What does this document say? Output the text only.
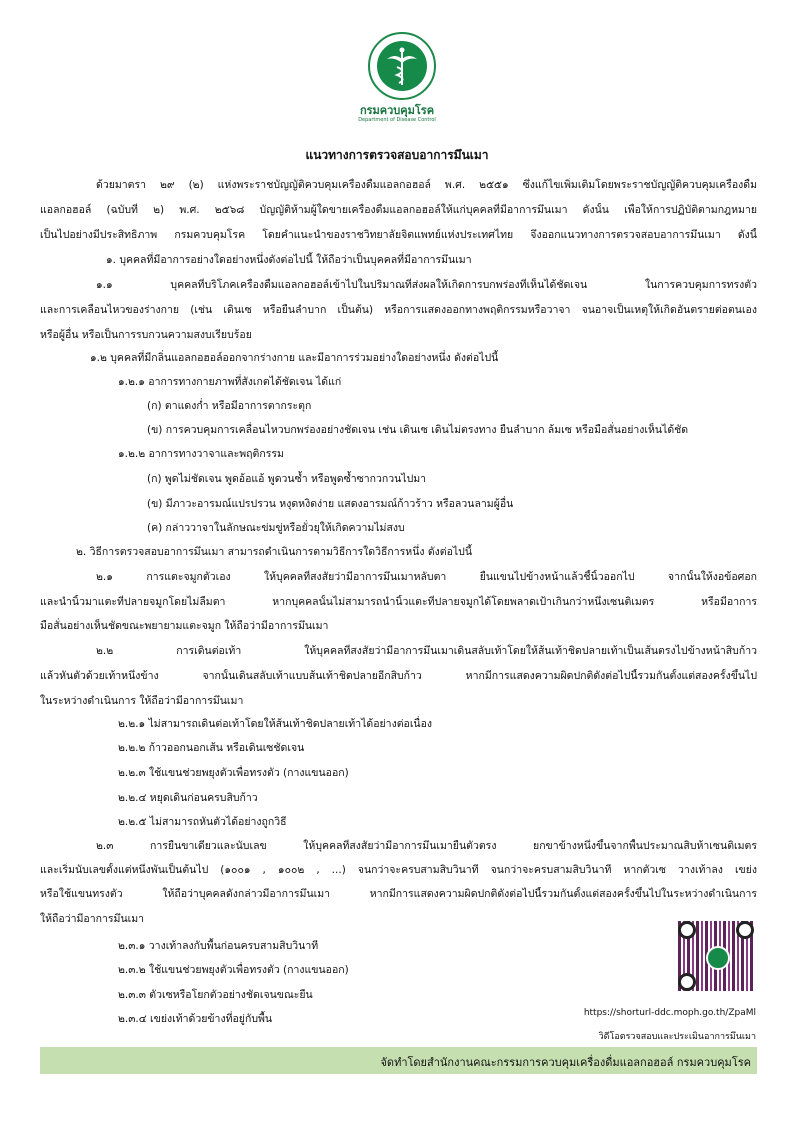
กรมควบคุมโรค
Department of Disease Control
แนวทางการตรวจสอบอาการมึนเมา
ด้วยมาตรา ๒๙ (๒) แห่งพระราชบัญญัติควบคุมเครื่องดื่มแอลกอฮอล์ พ.ศ. ๒๕๕๑ ซึ่งแก้ไขเพิ่มเติมโดยพระราชบัญญัติควบคุมเครื่องดื่ม
แอลกอฮอล์ (ฉบับที่ ๒) พ.ศ. ๒๕๖๘ บัญญัติห้ามผู้ใดขายเครื่องดื่มแอลกอฮอล์ให้แก่บุคคลที่มีอาการมึนเมา ดังนั้น เพื่อให้การปฏิบัติตามกฎหมาย
เป็นไปอย่างมีประสิทธิภาพ กรมควบคุมโรค โดยคำแนะนำของราชวิทยาลัยจิตแพทย์แห่งประเทศไทย จึงออกแนวทางการตรวจสอบอาการมึนเมา ดังนี้
๑. บุคคลที่มีอาการอย่างใดอย่างหนึ่งดังต่อไปนี้ ให้ถือว่าเป็นบุคคลที่มีอาการมึนเมา
๑.๑ บุคคลที่บริโภคเครื่องดื่มแอลกอฮอล์เข้าไปในปริมาณที่ส่งผลให้เกิดการบกพร่องที่เห็นได้ชัดเจน ในการควบคุมการทรงตัว
และการเคลื่อนไหวของร่างกาย (เช่น เดินเซ หรือยืนลำบาก เป็นต้น) หรือการแสดงออกทางพฤติกรรมหรือวาจา จนอาจเป็นเหตุให้เกิดอันตรายต่อตนเอง
หรือผู้อื่น หรือเป็นการรบกวนความสงบเรียบร้อย
๑.๒ บุคคลที่มีกลิ่นแอลกอฮอล์ออกจากร่างกาย และมีอาการร่วมอย่างใดอย่างหนึ่ง ดังต่อไปนี้
๑.๒.๑ อาการทางกายภาพที่สังเกตได้ชัดเจน ได้แก่
(ก) ตาแดงก่ำ หรือมีอาการตากระตุก
(ข) การควบคุมการเคลื่อนไหวบกพร่องอย่างชัดเจน เช่น เดินเซ เดินไม่ตรงทาง ยืนลำบาก ล้มเซ หรือมือสั่นอย่างเห็นได้ชัด
๑.๒.๒ อาการทางวาจาและพฤติกรรม
(ก) พูดไม่ชัดเจน พูดอ้อแอ้ พูดวนซ้ำ หรือพูดซ้ำซากวกวนไปมา
(ข) มีภาวะอารมณ์แปรปรวน หงุดหงิดง่าย แสดงอารมณ์ก้าวร้าว หรือลวนลามผู้อื่น
(ค) กล่าววาจาในลักษณะข่มขู่หรือยั่วยุให้เกิดความไม่สงบ
๒. วิธีการตรวจสอบอาการมึนเมา สามารถดำเนินการตามวิธีการใดวิธีการหนึ่ง ดังต่อไปนี้
๒.๑ การแตะจมูกตัวเอง ให้บุคคลที่สงสัยว่ามีอาการมึนเมาหลับตา ยื่นแขนไปข้างหน้าแล้วชี้นิ้วออกไป จากนั้นให้งอข้อศอก
และนำนิ้วมาแตะที่ปลายจมูกโดยไม่ลืมตา หากบุคคลนั้นไม่สามารถนำนิ้วแตะที่ปลายจมูกได้โดยพลาดเป้าเกินกว่าหนึ่งเซนติเมตร หรือมีอาการ
มือสั่นอย่างเห็นชัดขณะพยายามแตะจมูก ให้ถือว่ามีอาการมึนเมา
๒.๒ การเดินต่อเท้า ให้บุคคลที่สงสัยว่ามีอาการมึนเมาเดินสลับเท้าโดยให้ส้นเท้าชิดปลายเท้าเป็นเส้นตรงไปข้างหน้าสิบก้าว
แล้วหันตัวด้วยเท้าหนึ่งข้าง จากนั้นเดินสลับเท้าแบบส้นเท้าชิดปลายอีกสิบก้าว หากมีการแสดงความผิดปกติดังต่อไปนี้รวมกันตั้งแต่สองครั้งขึ้นไป
ในระหว่างดำเนินการ ให้ถือว่ามีอาการมึนเมา
๒.๒.๑ ไม่สามารถเดินต่อเท้าโดยให้ส้นเท้าชิดปลายเท้าได้อย่างต่อเนื่อง
๒.๒.๒ ก้าวออกนอกเส้น หรือเดินเซชัดเจน
๒.๒.๓ ใช้แขนช่วยพยุงตัวเพื่อทรงตัว (กางแขนออก)
๒.๒.๔ หยุดเดินก่อนครบสิบก้าว
๒.๒.๕ ไม่สามารถหันตัวได้อย่างถูกวิธี
๒.๓ การยืนขาเดียวและนับเลข ให้บุคคลที่สงสัยว่ามีอาการมึนเมายืนตัวตรง ยกขาข้างหนึ่งขึ้นจากพื้นประมาณสิบห้าเซนติเมตร
และเริ่มนับเลขตั้งแต่หนึ่งพันเป็นต้นไป (๑๐๐๑ , ๑๐๐๒ , ...) จนกว่าจะครบสามสิบวินาที จนกว่าจะครบสามสิบวินาที หากตัวเซ วางเท้าลง เขย่ง
หรือใช้แขนทรงตัว ให้ถือว่าบุคคลดังกล่าวมีอาการมึนเมา หากมีการแสดงความผิดปกติดังต่อไปนี้รวมกันตั้งแต่สองครั้งขึ้นไปในระหว่างดำเนินการ
ให้ถือว่ามีอาการมึนเมา
๒.๓.๑ วางเท้าลงกับพื้นก่อนครบสามสิบวินาที
๒.๓.๒ ใช้แขนช่วยพยุงตัวเพื่อทรงตัว (กางแขนออก)
๒.๓.๓ ตัวเซหรือโยกตัวอย่างชัดเจนขณะยืน
๒.๓.๔ เขย่งเท้าด้วยข้างที่อยู่กับพื้น	https://shorturl-ddc.moph.go.th/ZpaMl
วิดีโอตรวจสอบและประเมินอาการมึนเมา
จัดทำโดยสำนักงานคณะกรรมการควบคุมเครื่องดื่มแอลกอฮอล์ กรมควบคุมโรค
